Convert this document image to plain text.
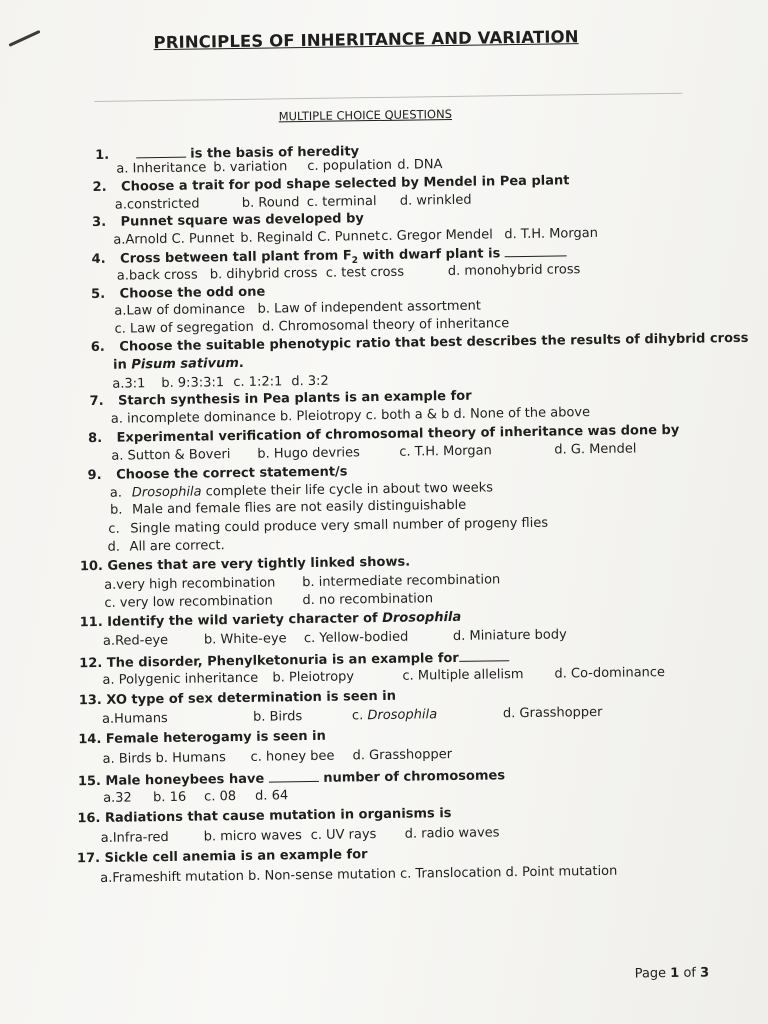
PRINCIPLES OF INHERITANCE AND VARIATION
MULTIPLE CHOICE QUESTIONS
1.	is the basis of heredity
a. Inheritance b. variation c. population d. DNA
2. Choose a trait for pod shape selected by Mendel in Pea plant
a.constricted	b. Round c. terminal d. wrinkled
3. Punnet square was developed by
a.Arnold C. Punnet b. Reginald C. Punnet c. Gregor Mendel d. T.H. Morgan
4. Cross between tall plant from $F_2$ with dwarf plant is
a.back cross b. dihybrid cross c. test cross	d. monohybrid cross
5. Choose the odd one
a.Law of dominance   b. Law of independent assortment
c. Law of segregation  d. Chromosomal theory of inheritance
6. Choose the suitable phenotypic ratio that best describes the results of dihybrid cross
in Pisum sativum.
a.3:1 b. 9:3:3:1 c. 1:2:1 d. 3:2
7. Starch synthesis in Pea plants is an example for
a. incomplete dominance b. Pleiotropy c. both a & b d. None of the above
8. Experimental verification of chromosomal theory of inheritance was done by
a. Sutton & Boveri b. Hugo devries	c. T.H. Morgan	d. G. Mendel
9. Choose the correct statement/s
a. Drosophila complete their life cycle in about two weeks
b. Male and female flies are not easily distinguishable
c. Single mating could produce very small number of progeny flies
d. All are correct.
10. Genes that are very tightly linked shows.
a.very high recombination b. intermediate recombination
c. very low recombination d. no recombination
11. Identify the wild variety character of Drosophila
a.Red-eye	b. White-eye c. Yellow-bodied	d. Miniature body
12. The disorder, Phenylketonuria is an example for
a. Polygenic inheritance b. Pleiotropy	c. Multiple allelism d. Co-dominance
13. XO type of sex determination is seen in
a.Humans	b. Birds	c. Drosophila	d. Grasshopper
14. Female heterogamy is seen in
a. Birds b. Humans c. honey bee d. Grasshopper
15. Male honeybees have	number of chromosomes
a.32 b. 16 c. 08 d. 64
16. Radiations that cause mutation in organisms is
a.Infra-red	b. micro waves c. UV rays d. radio waves
17. Sickle cell anemia is an example for
a.Frameshift mutation b. Non-sense mutation c. Translocation d. Point mutation
Page 1 of 3
